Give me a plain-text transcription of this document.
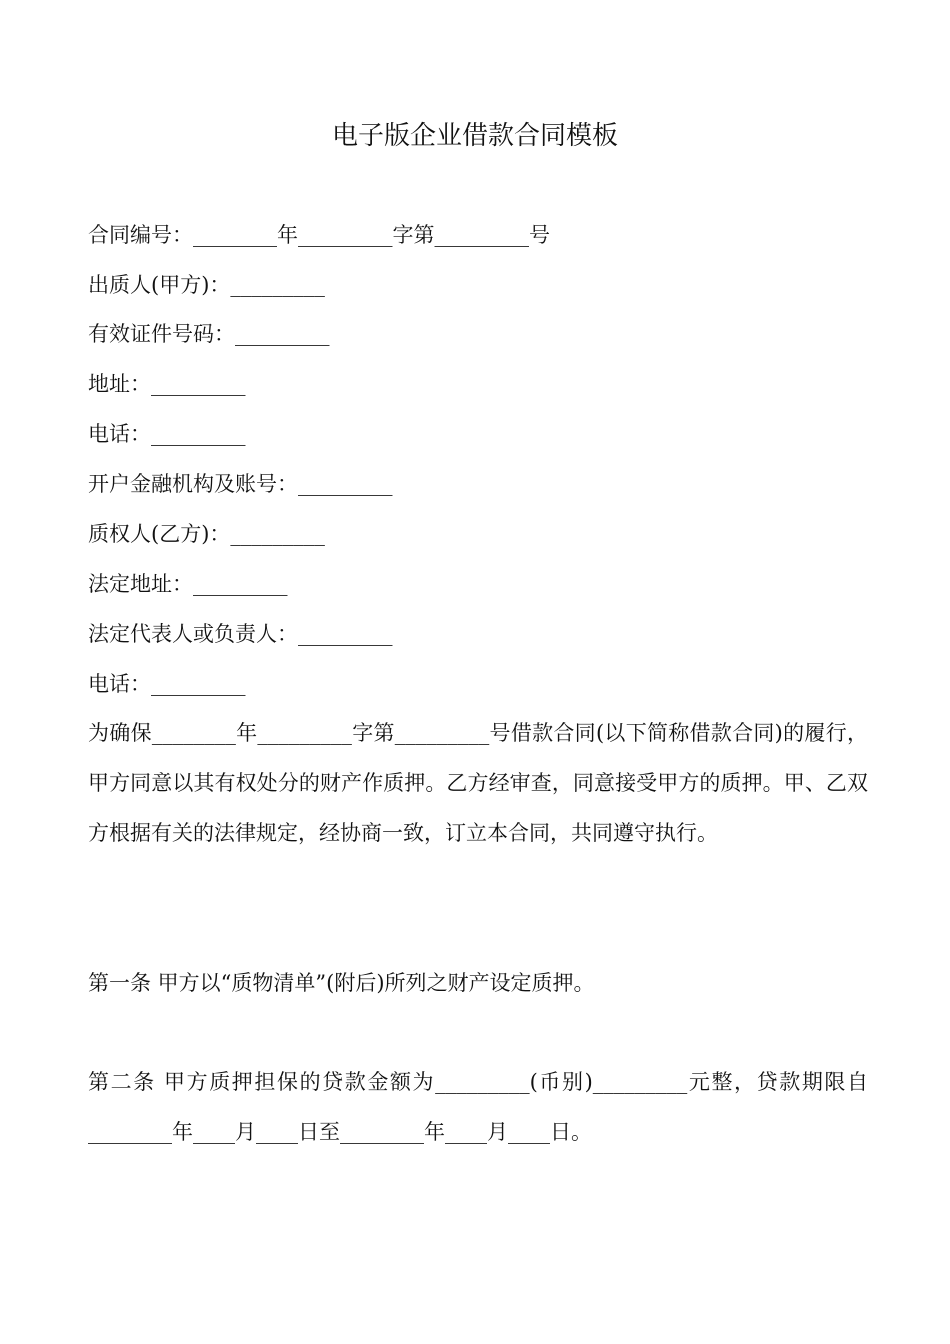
电子版企业借款合同模板
合同编号：________年_________字第_________号
出质人(甲方)：_________
有效证件号码：_________
地址：_________
电话：_________
开户金融机构及账号：_________
质权人(乙方)：_________
法定地址：_________
法定代表人或负责人：_________
电话：_________
为确保________年_________字第_________号借款合同(以下简称借款合同)的履行，甲方同意以其有权处分的财产作质押。乙方经审查，同意接受甲方的质押。甲、乙双方根据有关的法律规定，经协商一致，订立本合同，共同遵守执行。
第一条 甲方以“质物清单”(附后)所列之财产设定质押。
第二条 甲方质押担保的贷款金额为_________(币别)_________元整，贷款期限自________年____月____日至________年____月____日。
